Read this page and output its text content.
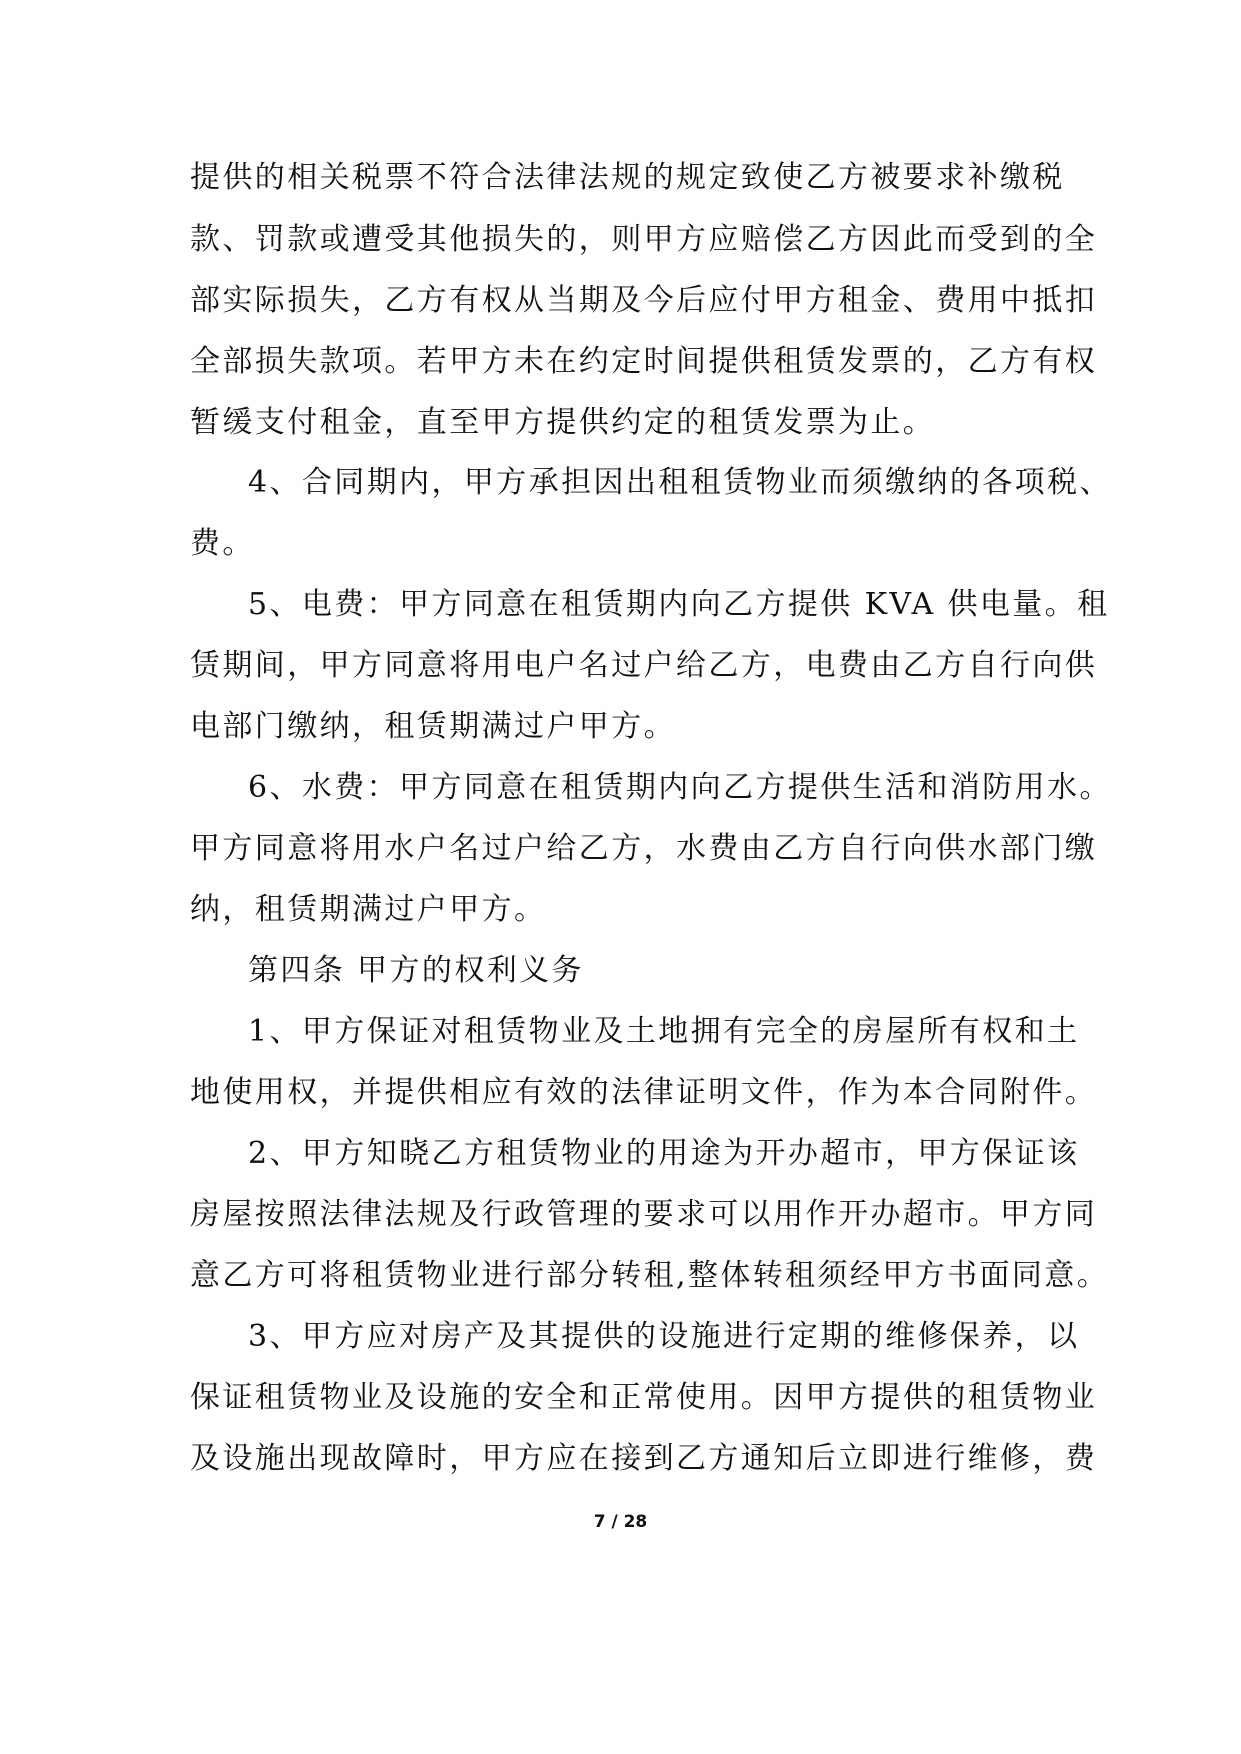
提供的相关税票不符合法律法规的规定致使乙方被要求补缴税
款、罚款或遭受其他损失的，则甲方应赔偿乙方因此而受到的全
部实际损失，乙方有权从当期及今后应付甲方租金、费用中抵扣
全部损失款项。若甲方未在约定时间提供租赁发票的，乙方有权
暂缓支付租金，直至甲方提供约定的租赁发票为止。
4、合同期内，甲方承担因出租租赁物业而须缴纳的各项税、
费。
5、电费：甲方同意在租赁期内向乙方提供 KVA 供电量。租
赁期间，甲方同意将用电户名过户给乙方，电费由乙方自行向供
电部门缴纳，租赁期满过户甲方。
6、水费：甲方同意在租赁期内向乙方提供生活和消防用水。
甲方同意将用水户名过户给乙方，水费由乙方自行向供水部门缴
纳，租赁期满过户甲方。
第四条 甲方的权利义务
1、甲方保证对租赁物业及土地拥有完全的房屋所有权和土
地使用权，并提供相应有效的法律证明文件，作为本合同附件。
2、甲方知晓乙方租赁物业的用途为开办超市，甲方保证该
房屋按照法律法规及行政管理的要求可以用作开办超市。甲方同
意乙方可将租赁物业进行部分转租,整体转租须经甲方书面同意。
3、甲方应对房产及其提供的设施进行定期的维修保养，以
保证租赁物业及设施的安全和正常使用。因甲方提供的租赁物业
及设施出现故障时，甲方应在接到乙方通知后立即进行维修，费
7 / 28
